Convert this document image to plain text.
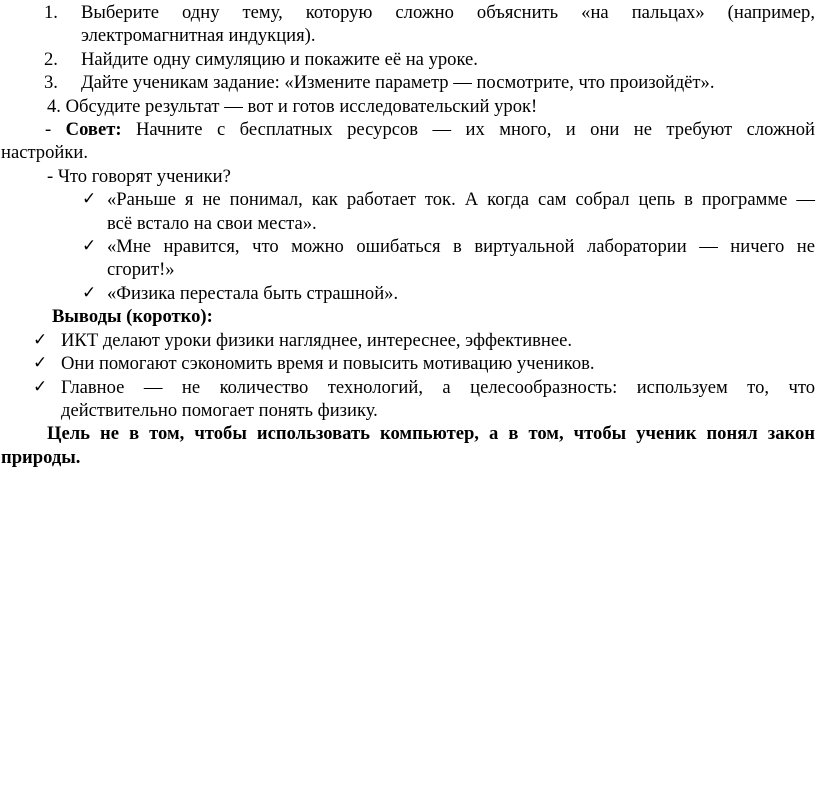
1. Выберите одну тему, которую сложно объяснить «на пальцах» (например,
электромагнитная индукция).
2. Найдите одну симуляцию и покажите её на уроке.
3. Дайте ученикам задание: «Измените параметр — посмотрите, что произойдёт».
4. Обсудите результат — вот и готов исследовательский урок!
- Совет: Начните с бесплатных ресурсов — их много, и они не требуют сложной
настройки.
- Что говорят ученики?
✓ «Раньше я не понимал, как работает ток. А когда сам собрал цепь в программе —
всё встало на свои места».
✓ «Мне нравится, что можно ошибаться в виртуальной лаборатории — ничего не
сгорит!»
✓ «Физика перестала быть страшной».
Выводы (коротко):
✓ ИКТ делают уроки физики нагляднее, интереснее, эффективнее.
✓ Они помогают сэкономить время и повысить мотивацию учеников.
✓ Главное — не количество технологий, а целесообразность: используем то, что
действительно помогает понять физику.
Цель не в том, чтобы использовать компьютер, а в том, чтобы ученик понял закон
природы.
